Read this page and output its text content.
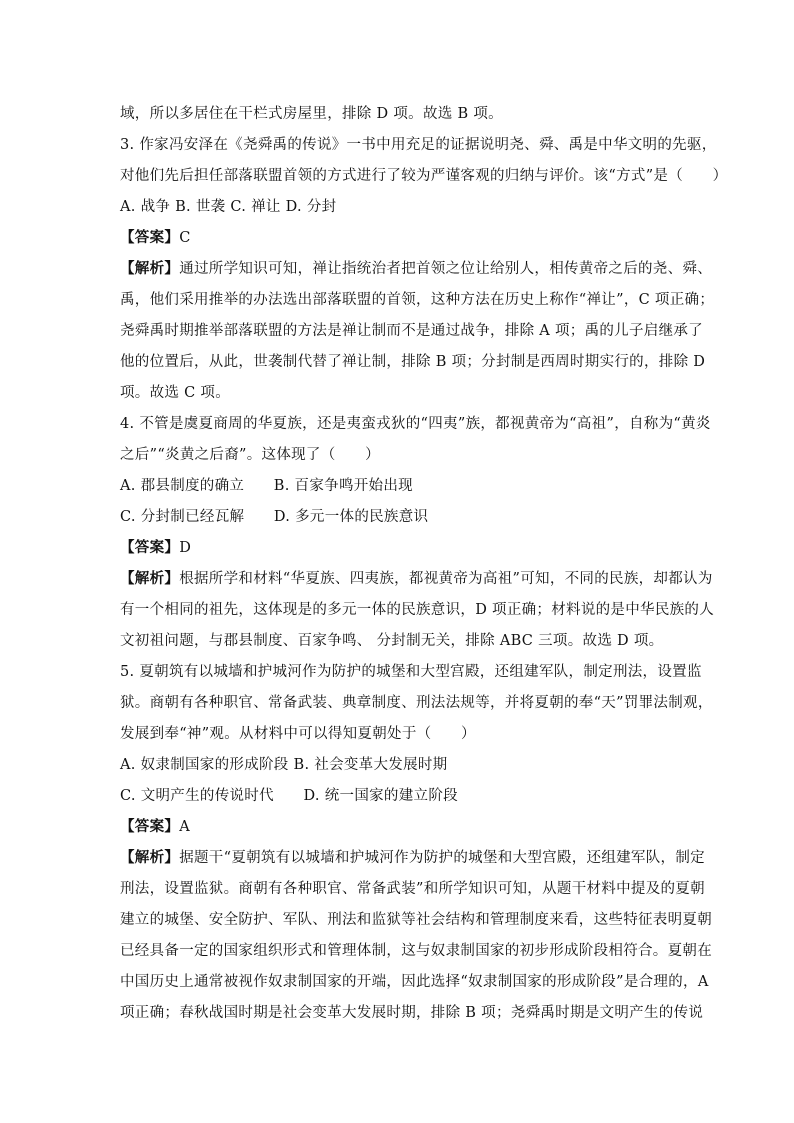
域，所以多居住在干栏式房屋里，排除 D 项。故选 B 项。
3. 作家冯安泽在《尧舜禹的传说》一书中用充足的证据说明尧、舜、禹是中华文明的先驱，
对他们先后担任部落联盟首领的方式进行了较为严谨客观的归纳与评价。该“方式”是（　　）
A. 战争 B. 世袭 C. 禅让 D. 分封
【答案】C
【解析】通过所学知识可知，禅让指统治者把首领之位让给别人，相传黄帝之后的尧、舜、
禹，他们采用推举的办法选出部落联盟的首领，这种方法在历史上称作“禅让”，C 项正确；
尧舜禹时期推举部落联盟的方法是禅让制而不是通过战争，排除 A 项；禹的儿子启继承了
他的位置后，从此，世袭制代替了禅让制，排除 B 项；分封制是西周时期实行的，排除 D
项。故选 C 项。
4. 不管是虞夏商周的华夏族，还是夷蛮戎狄的“四夷”族，都视黄帝为“高祖”，自称为“黄炎
之后”“炎黄之后裔”。这体现了（　　）
A. 郡县制度的确立　　B. 百家争鸣开始出现
C. 分封制已经瓦解　　D. 多元一体的民族意识
【答案】D
【解析】根据所学和材料“华夏族、四夷族，都视黄帝为高祖”可知，不同的民族，却都认为
有一个相同的祖先，这体现是的多元一体的民族意识，D 项正确；材料说的是中华民族的人
文初祖问题，与郡县制度、百家争鸣、 分封制无关，排除 ABC 三项。故选 D 项。
5. 夏朝筑有以城墙和护城河作为防护的城堡和大型宫殿，还组建军队，制定刑法，设置监
狱。商朝有各种职官、常备武装、典章制度、刑法法规等，并将夏朝的奉“天”罚罪法制观，
发展到奉“神”观。从材料中可以得知夏朝处于（　　）
A. 奴隶制国家的形成阶段 B. 社会变革大发展时期
C. 文明产生的传说时代　　D. 统一国家的建立阶段
【答案】A
【解析】据题干“夏朝筑有以城墙和护城河作为防护的城堡和大型宫殿，还组建军队，制定
刑法，设置监狱。商朝有各种职官、常备武装”和所学知识可知，从题干材料中提及的夏朝
建立的城堡、安全防护、军队、刑法和监狱等社会结构和管理制度来看，这些特征表明夏朝
已经具备一定的国家组织形式和管理体制，这与奴隶制国家的初步形成阶段相符合。夏朝在
中国历史上通常被视作奴隶制国家的开端，因此选择“奴隶制国家的形成阶段”是合理的，A
项正确；春秋战国时期是社会变革大发展时期，排除 B 项；尧舜禹时期是文明产生的传说
